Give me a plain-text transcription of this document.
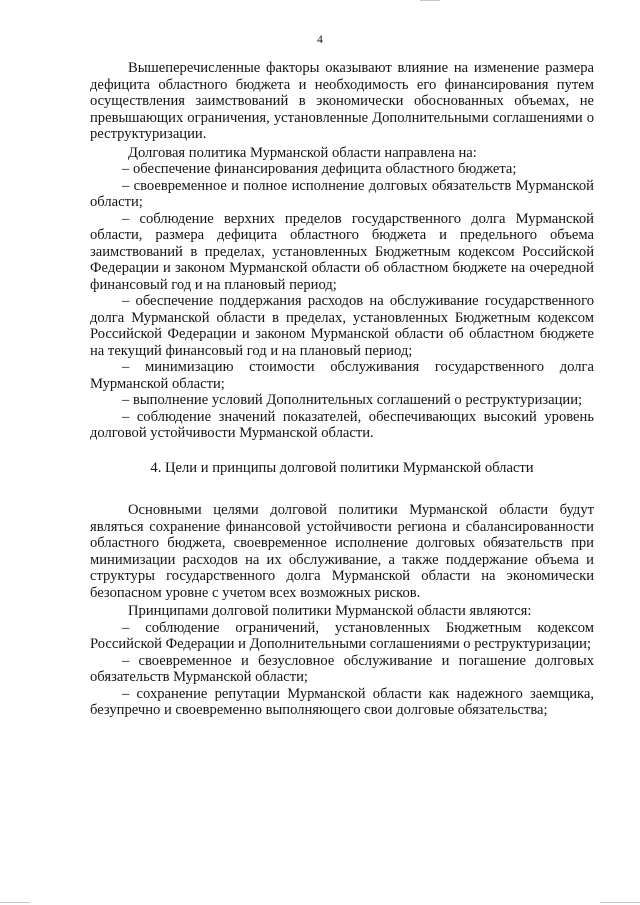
4

Вышеперечисленные факторы оказывают влияние на изменение размера дефицита областного бюджета и необходимость его финансирования путем осуществления заимствований в экономически обоснованных объемах, не превышающих ограничения, установленные Дополнительными соглашениями о реструктуризации.

Долговая политика Мурманской области направлена на:

– обеспечение финансирования дефицита областного бюджета;

– своевременное и полное исполнение долговых обязательств Мурманской области;

– соблюдение верхних пределов государственного долга Мурманской области, размера дефицита областного бюджета и предельного объема заимствований в пределах, установленных Бюджетным кодексом Российской Федерации и законом Мурманской области об областном бюджете на очередной финансовый год и на плановый период;

– обеспечение поддержания расходов на обслуживание государственного долга Мурманской области в пределах, установленных Бюджетным кодексом Российской Федерации и законом Мурманской области об областном бюджете на текущий финансовый год и на плановый период;

– минимизацию стоимости обслуживания государственного долга Мурманской области;

– выполнение условий Дополнительных соглашений о реструктуризации;

– соблюдение значений показателей, обеспечивающих высокий уровень долговой устойчивости Мурманской области.

4. Цели и принципы долговой политики Мурманской области

Основными целями долговой политики Мурманской области будут являться сохранение финансовой устойчивости региона и сбалансированности областного бюджета, своевременное исполнение долговых обязательств при минимизации расходов на их обслуживание, а также поддержание объема и структуры государственного долга Мурманской области на экономически безопасном уровне с учетом всех возможных рисков.

Принципами долговой политики Мурманской области являются:

– соблюдение ограничений, установленных Бюджетным кодексом Российской Федерации и Дополнительными соглашениями о реструктуризации;

– своевременное и безусловное обслуживание и погашение долговых обязательств Мурманской области;

– сохранение репутации Мурманской области как надежного заемщика, безупречно и своевременно выполняющего свои долговые обязательства;
